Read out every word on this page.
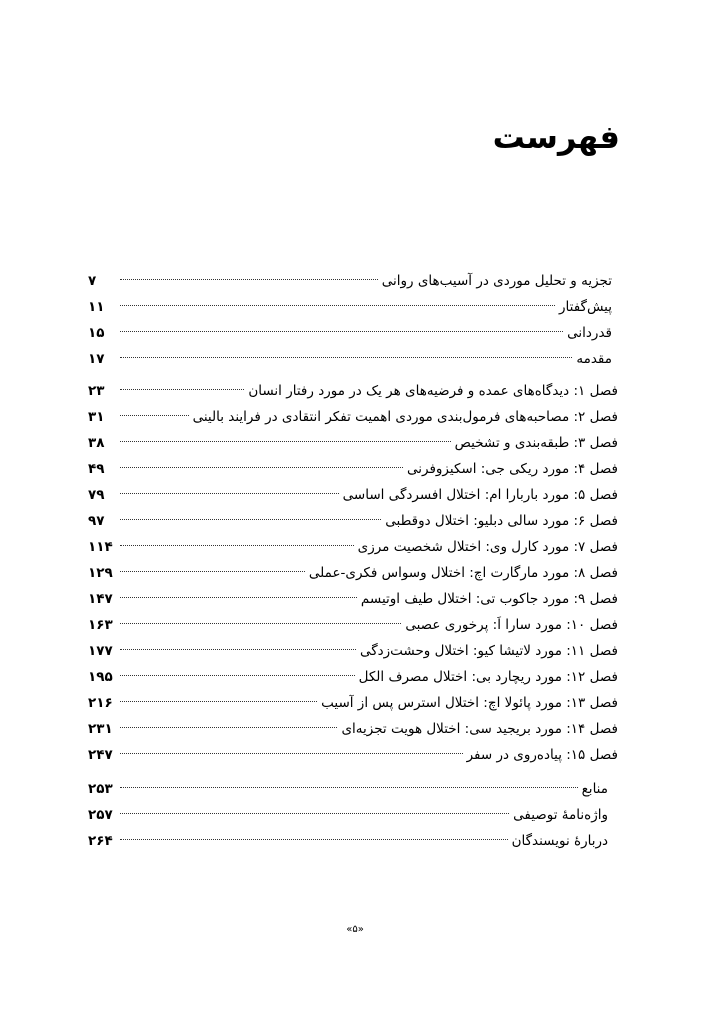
فهرست
تجزیه و تحلیل موردی در آسیب‌های روانی
۷
پیش‌گفتار
۱۱
قدردانی
۱۵
مقدمه
۱۷
فصل ۱: دیدگاه‌های عمده و فرضیه‌های هر یک در مورد رفتار انسان
۲۳
فصل ۲: مصاحبه‌های فرمول‌بندی موردی اهمیت تفکر انتقادی در فرایند بالینی
۳۱
فصل ۳: طبقه‌بندی و تشخیص
۳۸
فصل ۴: مورد ریکی جی: اسکیزوفرنی
۴۹
فصل ۵: مورد باربارا ام: اختلال افسردگی اساسی
۷۹
فصل ۶: مورد سالی دبلیو: اختلال دوقطبی
۹۷
فصل ۷: مورد کارل وی: اختلال شخصیت مرزی
۱۱۴
فصل ۸: مورد مارگارت اچ: اختلال وسواس فکری-عملی
۱۲۹
فصل ۹: مورد جاکوب تی: اختلال طیف اوتیسم
۱۴۷
فصل ۱۰: مورد سارا اَ: پرخوری عصبی
۱۶۳
فصل ۱۱: مورد لاتیشا کیو: اختلال وحشت‌زدگی
۱۷۷
فصل ۱۲: مورد ریچارد بی: اختلال مصرف الکل
۱۹۵
فصل ۱۳: مورد پائولا اچ: اختلال استرس پس از آسیب
۲۱۶
فصل ۱۴: مورد بریجید سی: اختلال هویت تجزیه‌ای
۲۳۱
فصل ۱۵: پیاده‌روی در سفر
۲۴۷
منابع
۲۵۳
واژه‌نامهٔ توصیفی
۲۵۷
دربارهٔ نویسندگان
۲۶۴
«۵»
